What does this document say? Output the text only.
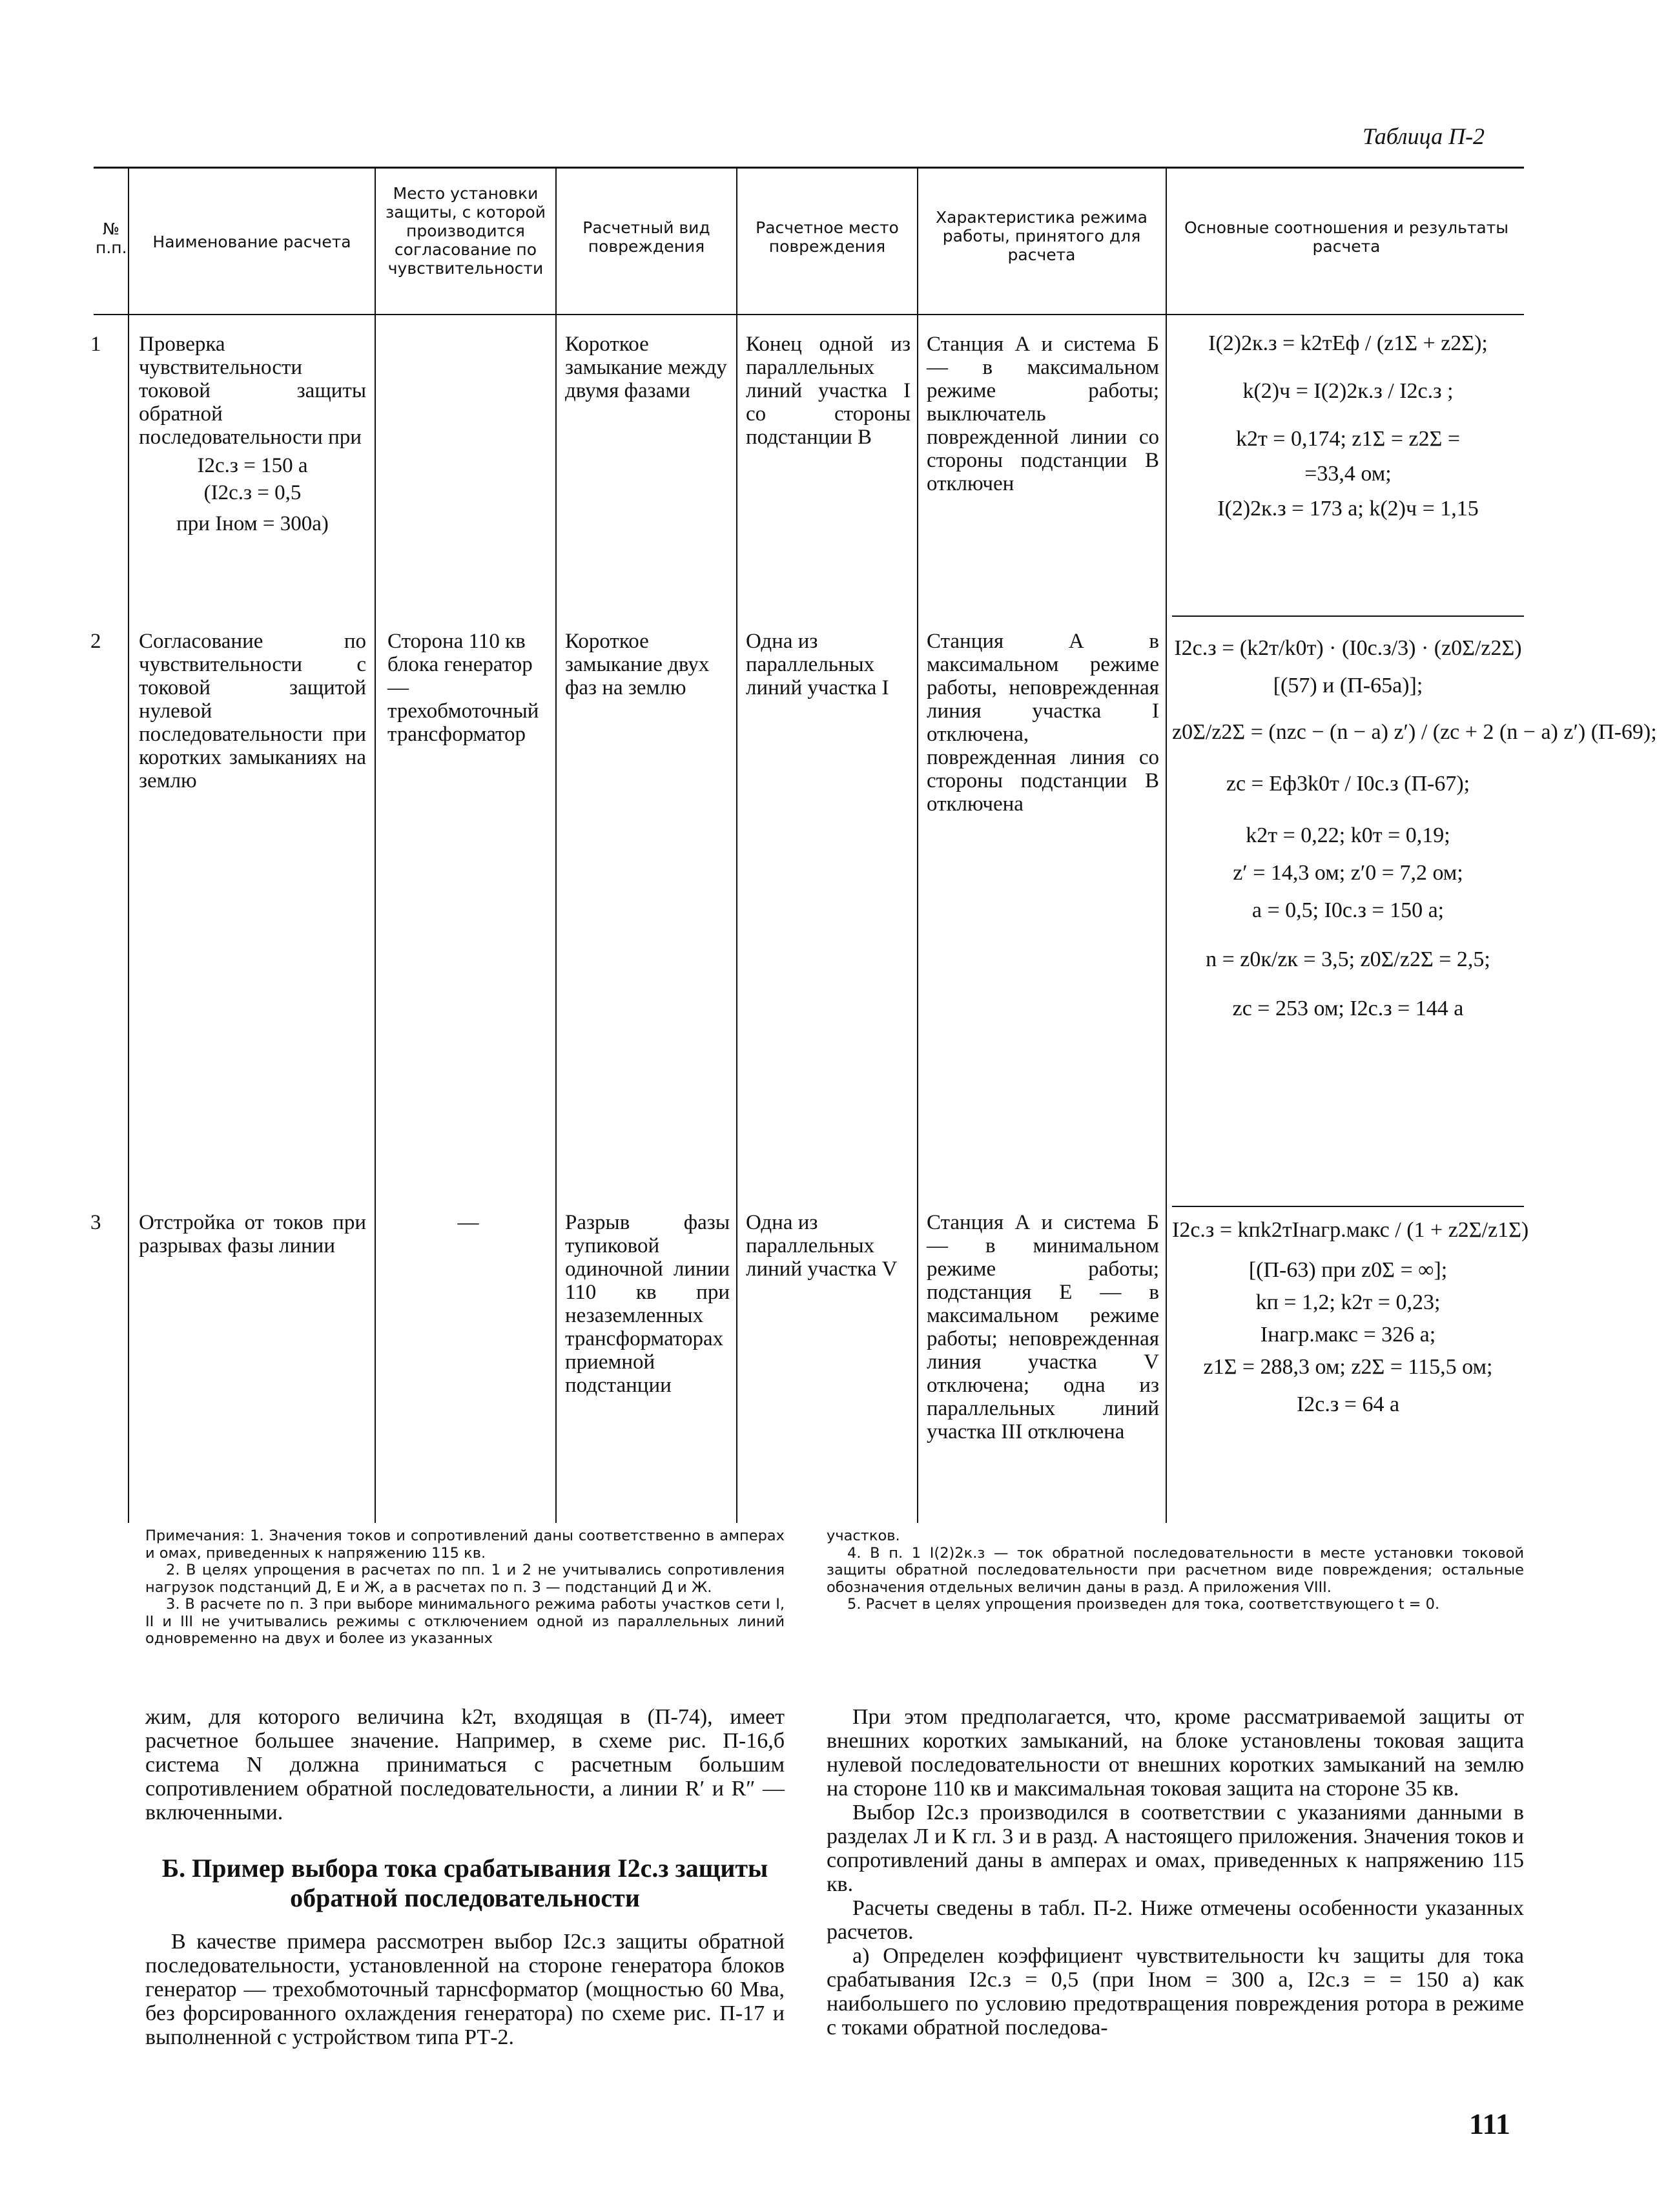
Таблица П-2
№ п.п.	Наименование расчета
Место установки защиты, с которой производится согласование по чувствительности
Расчетный вид повреждения
Расчетное место повреждения
Характеристика режима работы, принятого для расчета
Основные соотношения и результаты расчета
1 Проверка чувствительности токовой защиты обратной последовательности при

I2с.з = 150 а

(I2с.з = 0,5

при Iном = 300а)

Короткое замыкание между двумя фазами
Конец одной из параллельных линий участка I со стороны подстанции В
Станция А и система Б — в максимальном режиме работы; выключатель поврежденной линии со стороны подстанции В отключен
I(2)2к.з = k2тEф / (z1Σ + z2Σ);
k(2)ч = I(2)2к.з / I2с.з ;
k2т = 0,174; z1Σ = z2Σ =
=33,4 ом;
I(2)2к.з = 173 а; k(2)ч = 1,15
2 Согласование по чувствительности с токовой защитой нулевой последовательности при коротких замыканиях на землю
Сторона 110 кв блока генератор — трехобмоточный трансформатор
Короткое замыкание двух фаз на землю
Одна из параллельных линий участка I
Станция А в максимальном режиме работы, неповрежденная линия участка I отключена, поврежденная линия со стороны подстанции В отключена
I2с.з = (k2т/k0т) · (I0с.з/3) · (z0Σ/z2Σ)
[(57) и (П-65а)];
z0Σ/z2Σ = (nzс − (n − a) z′) / (zс + 2 (n − a) z′) (П-69);
zс = Eф3k0т / I0с.з (П-67);
k2т = 0,22; k0т = 0,19;
z′ = 14,3 ом; z′0 = 7,2 ом;
a = 0,5; I0с.з = 150 а;
n = z0к/zк = 3,5; z0Σ/z2Σ = 2,5;
zс = 253 ом; I2с.з = 144 а
3 Отстройка от токов при разрывах фазы линии
—	Разрыв фазы тупиковой одиночной линии 110 кв при незаземленных трансформаторах приемной подстанции
Одна из параллельных линий участка V
Станция А и система Б — в минимальном режиме работы; подстанция Е — в максимальном режиме работы; неповрежденная линия участка V отключена; одна из параллельных линий участка III отключена
I2с.з = kпk2тIнагр.макс / (1 + z2Σ/z1Σ)
[(П-63) при z0Σ = ∞];
kп = 1,2; k2т = 0,23;
Iнагр.макс = 326 а;
z1Σ = 288,3 ом; z2Σ = 115,5 ом;
I2с.з = 64 а

Примечания: 1. Значения токов и сопротивлений даны соответственно в амперах и омах, приведенных к напряжению 115 кв.

2. В целях упрощения в расчетах по пп. 1 и 2 не учитывались сопротивления нагрузок подстанций Д, Е и Ж, а в расчетах по п. 3 — подстанций Д и Ж.

3. В расчете по п. 3 при выборе минимального режима работы участков сети I, II и III не учитывались режимы с отключением одной из параллельных линий одновременно на двух и более из указанных

участков.

4. В п. 1 I(2)2к.з — ток обратной последовательности в месте установки токовой защиты обратной последовательности при расчетном виде повреждения; остальные обозначения отдельных величин даны в разд. А приложения VIII.

5. Расчет в целях упрощения произведен для тока, соответствующего t = 0.

жим, для которого величина k2т, входящая в (П-74), имеет расчетное большее значение. Например, в схеме рис. П-16,б система N должна приниматься с расчетным большим сопротивлением обратной последовательности, а линии R′ и R″ — включенными.
Б. Пример выбора тока срабатывания I2с.з защиты обратной последовательности
В качестве примера рассмотрен выбор I2с.з защиты обратной последовательности, установленной на стороне генератора блоков генератор — трехобмоточный тарнсформатор (мощностью 60 Мва, без форсированного охлаждения генератора) по схеме рис. П-17 и выполненной с устройством типа РТ-2.

При этом предполагается, что, кроме рассматриваемой защиты от внешних коротких замыканий, на блоке установлены токовая защита нулевой последовательности от внешних коротких замыканий на землю на стороне 110 кв и максимальная токовая защита на стороне 35 кв.

Выбор I2с.з производился в соответствии с указаниями данными в разделах Л и К гл. 3 и в разд. А настоящего приложения. Значения токов и сопротивлений даны в амперах и омах, приведенных к напряжению 115 кв.

Расчеты сведены в табл. П-2. Ниже отмечены особенности указанных расчетов.

а) Определен коэффициент чувствительности kч защиты для тока срабатывания I2с.з = 0,5 (при Iном = 300 а, I2с.з = = 150 а) как наибольшего по условию предотвращения повреждения ротора в режиме с токами обратной последова-

111
